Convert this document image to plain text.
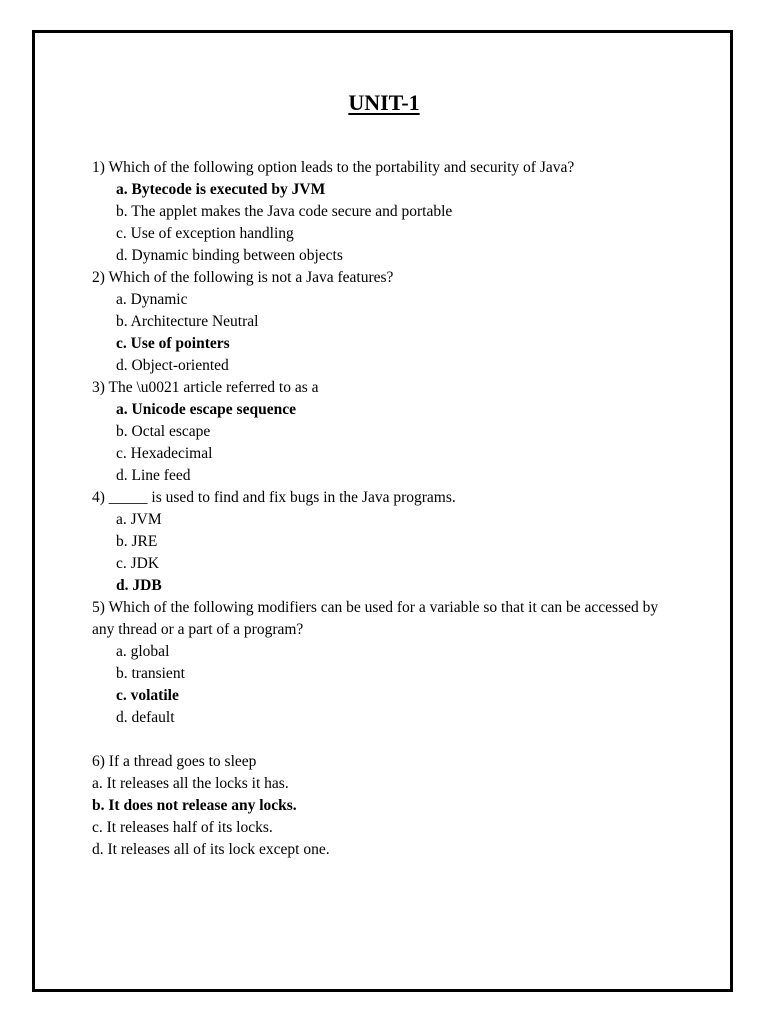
UNIT-1

1) Which of the following option leads to the portability and security of Java?

a. Bytecode is executed by JVM

b. The applet makes the Java code secure and portable

c. Use of exception handling

d. Dynamic binding between objects

2) Which of the following is not a Java features?

a. Dynamic

b. Architecture Neutral

c. Use of pointers

d. Object-oriented

3) The \u0021 article referred to as a

a. Unicode escape sequence

b. Octal escape

c. Hexadecimal

d. Line feed

4) _____ is used to find and fix bugs in the Java programs.

a. JVM

b. JRE

c. JDK

d. JDB

5) Which of the following modifiers can be used for a variable so that it can be accessed by any thread or a part of a program?

a. global

b. transient

c. volatile

d. default

6) If a thread goes to sleep

a. It releases all the locks it has.

b. It does not release any locks.

c. It releases half of its locks.

d. It releases all of its lock except one.
